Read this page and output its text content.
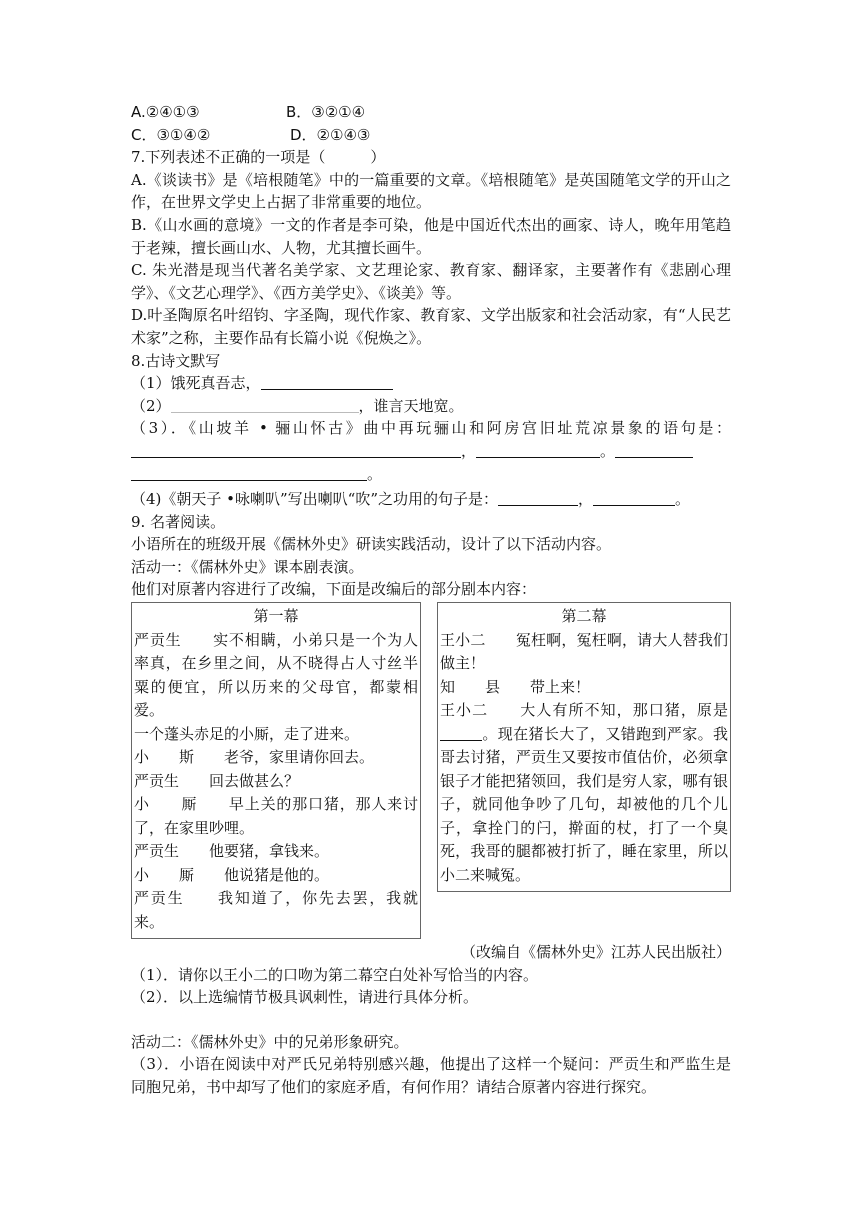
A.②④①③	B．③②①④
C．③①④②	D．②①④③
7.下列表述不正确的一项是（　　　）
A.《谈读书》是《培根随笔》中的一篇重要的文章。《培根随笔》是英国随笔文学的开山之作，在世界文学史上占据了非常重要的地位。
B.《山水画的意境》一文的作者是李可染，他是中国近代杰出的画家、诗人，晚年用笔趋于老辣，擅长画山水、人物，尤其擅长画牛。
C. 朱光潜是现当代著名美学家、文艺理论家、教育家、翻译家，主要著作有《悲剧心理学》、《文艺心理学》、《西方美学史》、《谈美》等。
D.叶圣陶原名叶绍钧、字圣陶，现代作家、教育家、文学出版家和社会活动家，有“人民艺术家”之称，主要作品有长篇小说《倪焕之》。
8.古诗文默写
（1）饿死真吾志，
（2）	，谁言天地宽。
（3）．《山坡羊 • 骊山怀古》曲中再玩骊山和阿房宫旧址荒凉景象的语句是：，	。
。
（4)《朝天子 •咏喇叭”写出喇叭“吹”之功用的句子是：	，	。
9. 名著阅读。
小语所在的班级开展《儒林外史》研读实践活动，设计了以下活动内容。
活动一：《儒林外史》课本剧表演。
他们对原著内容进行了改编，下面是改编后的部分剧本内容：
第一幕

严贡生　　实不相瞒，小弟只是一个为人率真，在乡里之间，从不晓得占人寸丝半粟的便宜，所以历来的父母官，都蒙相爱。

一个蓬头赤足的小厮，走了进来。

小　　斯　　老爷，家里请你回去。

严贡生　　回去做甚么？

小　　厮　　早上关的那口猪，那人来讨了，在家里吵哩。

严贡生　　他要猪，拿钱来。

小　　厮　　他说猪是他的。

严贡生　　我知道了，你先去罢，我就来。

第二幕

王小二　　冤枉啊，冤枉啊，请大人替我们做主！

知　　县　　带上来！

王小二　　大人有所不知，那口猪，原是。现在猪长大了，又错跑到严家。我哥去讨猪，严贡生又要按市值估价，必须拿银子才能把猪领回，我们是穷人家，哪有银子，就同他争吵了几句，却被他的几个儿子，拿拴门的闩，擀面的杖，打了一个臭死，我哥的腿都被打折了，睡在家里，所以小二来喊冤。

（改编自《儒林外史》江苏人民出版社）
（1）．请你以王小二的口吻为第二幕空白处补写恰当的内容。
（2）．以上选编情节极具讽刺性，请进行具体分析。
活动二：《儒林外史》中的兄弟形象研究。
（3）．小语在阅读中对严氏兄弟特别感兴趣，他提出了这样一个疑问：严贡生和严监生是同胞兄弟，书中却写了他们的家庭矛盾，有何作用？请结合原著内容进行探究。
